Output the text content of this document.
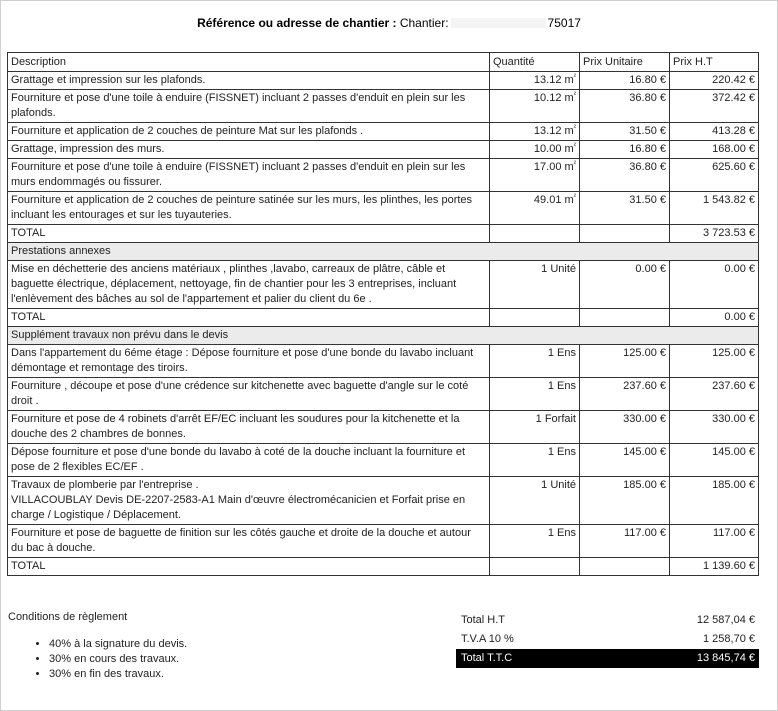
Référence ou adresse de chantier : Chantier:	75017
Description	Quantité	Prix Unitaire	Prix H.T
Grattage et impression sur les plafonds.	13.12 $m^{^2}$	16.80 €	220.42 €
Fourniture et pose d'une toile à enduire (FISSNET) incluant 2 passes d'enduit en plein sur les plafonds.	10.12 $m^{^2}$	36.80 €	372.42 €
Fourniture et application de 2 couches de peinture Mat sur les plafonds .	13.12 $m^{^2}$	31.50 €	413.28 €
Grattage, impression des murs.	10.00 $m^{^2}$	16.80 €	168.00 €
Fourniture et pose d'une toile à enduire (FISSNET) incluant 2 passes d'enduit en plein sur les murs endommagés ou fissurer.	17.00 $m^{^2}$	36.80 €	625.60 €
Fourniture et application de 2 couches de peinture satinée sur les murs, les plinthes, les portes incluant les entourages et sur les tuyauteries.	49.01 $m^{^2}$	31.50 €	1 543.82 €
TOTAL			3 723.53 €
Prestations annexes			
Mise en déchetterie des anciens matériaux , plinthes ,lavabo, carreaux de plâtre, câble et baguette électrique, déplacement, nettoyage, fin de chantier pour les 3 entreprises, incluant l'enlèvement des bâches au sol de l'appartement et palier du client du 6e .	1 Unité	0.00 €	0.00 €
TOTAL			0.00 €
Supplément travaux non prévu dans le devis			
Dans l'appartement du 6éme étage : Dépose fourniture et pose d'une bonde du lavabo incluant démontage et remontage des tiroirs.	1 Ens	125.00 €	125.00 €
Fourniture , découpe et pose d'une crédence sur kitchenette avec baguette d'angle sur le coté droit .	1 Ens	237.60 €	237.60 €
Fourniture et pose de 4 robinets d'arrêt EF/EC incluant les soudures pour la kitchenette et la douche des 2 chambres de bonnes.	1 Forfait	330.00 €	330.00 €
Dépose fourniture et pose d'une bonde du lavabo à coté de la douche incluant la fourniture et pose de 2 flexibles EC/EF .	1 Ens	145.00 €	145.00 €
Travaux de plomberie par l'entreprise .
VILLACOUBLAY Devis DE-2207-2583-A1 Main d'œuvre électromécanicien et Forfait prise en charge / Logistique / Déplacement.	1 Unité	185.00 €	185.00 €
Fourniture et pose de baguette de finition sur les côtés gauche et droite de la douche et autour du bac à douche.	1 Ens	117.00 €	117.00 €
TOTAL			1 139.60 €
Conditions de règlement
• 40% à la signature du devis.
• 30% en cours des travaux.
• 30% en fin des travaux.
Total H.T	12 587,04 €
T.V.A 10 %	1 258,70 €
Total T.T.C	13 845,74 €
